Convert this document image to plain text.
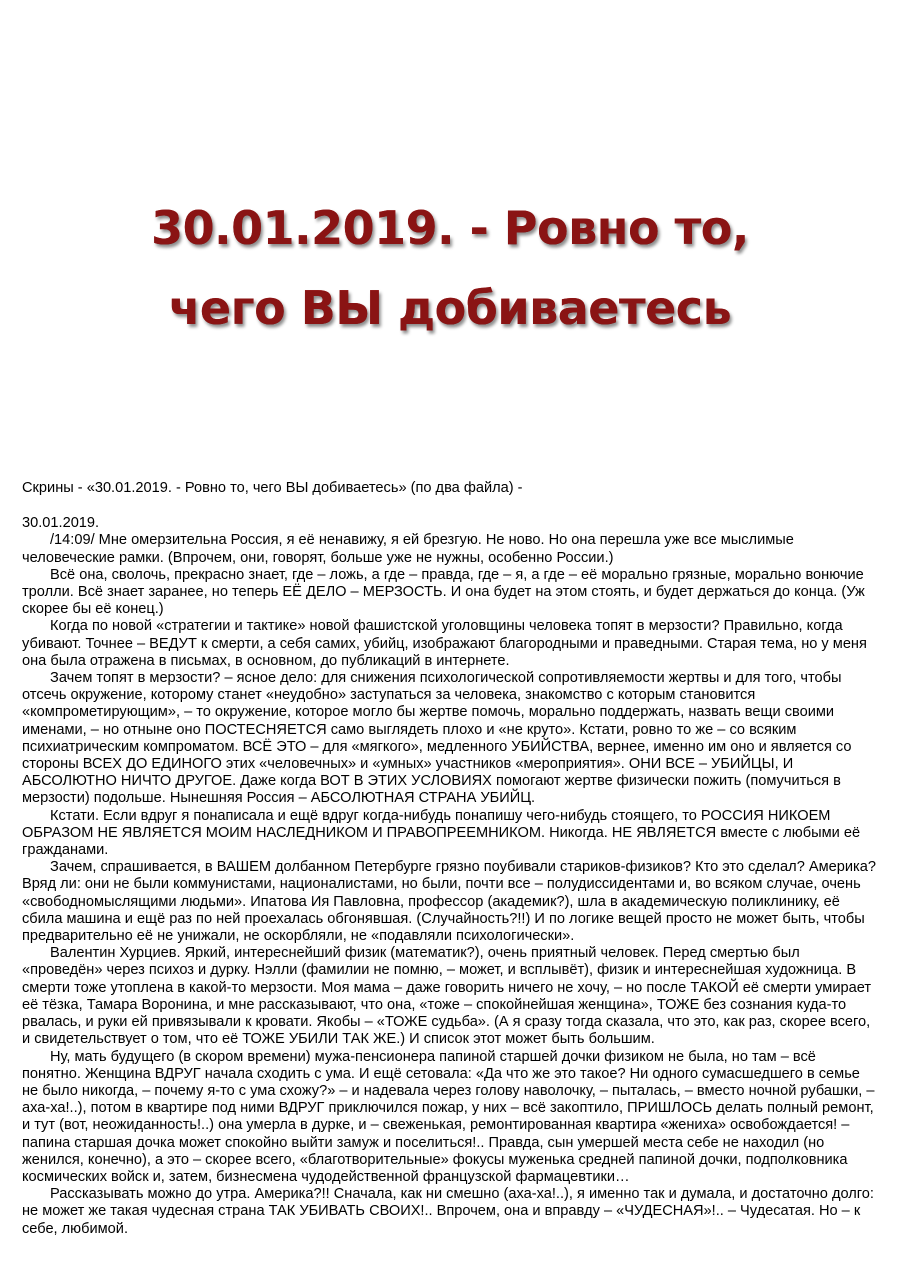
30.01.2019. - Ровно то,
чего ВЫ добиваетесь

Скрины - «30.01.2019. - Ровно то, чего ВЫ добиваетесь» (по два файла) -

30.01.2019.

/14:09/ Мне омерзительна Россия, я её ненавижу, я ей брезгую. Не ново. Но она перешла уже все мыслимые человеческие рамки. (Впрочем, они, говорят, больше уже не нужны, особенно России.)

Всё она, сволочь, прекрасно знает, где – ложь, а где – правда, где – я, а где – её морально грязные, морально вонючие тролли. Всё знает заранее, но теперь ЕЁ ДЕЛО – МЕРЗОСТЬ. И она будет на этом стоять, и будет держаться до конца. (Уж скорее бы её конец.)

Когда по новой «стратегии и тактике» новой фашистской уголовщины человека топят в мерзости? Правильно, когда убивают. Точнее – ВЕДУТ к смерти, а себя самих, убийц, изображают благородными и праведными. Старая тема, но у меня она была отражена в письмах, в основном, до публикаций в интернете.

Зачем топят в мерзости? – ясное дело: для снижения психологической сопротивляемости жертвы и для того, чтобы отсечь окружение, которому станет «неудобно» заступаться за человека, знакомство с которым становится «компрометирующим», – то окружение, которое могло бы жертве помочь, морально поддержать, назвать вещи своими именами, – но отныне оно ПОСТЕСНЯЕТСЯ само выглядеть плохо и «не круто». Кстати, ровно то же – со всяким психиатрическим компроматом. ВСЁ ЭТО – для «мягкого», медленного УБИЙСТВА, вернее, именно им оно и является со стороны ВСЕХ ДО ЕДИНОГО этих «человечных» и «умных» участников «мероприятия». ОНИ ВСЕ – УБИЙЦЫ, И АБСОЛЮТНО НИЧТО ДРУГОЕ. Даже когда ВОТ В ЭТИХ УСЛОВИЯХ помогают жертве физически пожить (помучиться в мерзости) подольше. Нынешняя Россия – АБСОЛЮТНАЯ СТРАНА УБИЙЦ.

Кстати. Если вдруг я понаписала и ещё вдруг когда-нибудь понапишу чего-нибудь стоящего, то РОССИЯ НИКОЕМ ОБРАЗОМ НЕ ЯВЛЯЕТСЯ МОИМ НАСЛЕДНИКОМ И ПРАВОПРЕЕМНИКОМ. Никогда. НЕ ЯВЛЯЕТСЯ вместе с любыми её гражданами.

Зачем, спрашивается, в ВАШЕМ долбанном Петербурге грязно поубивали стариков-физиков? Кто это сделал? Америка? Вряд ли: они не были коммунистами, националистами, но были, почти все – полудиссидентами и, во всяком случае, очень «свободномыслящими людьми». Ипатова Ия Павловна, профессор (академик?), шла в академическую поликлинику, её сбила машина и ещё раз по ней проехалась обгонявшая. (Случайность?!!) И по логике вещей просто не может быть, чтобы предварительно её не унижали, не оскорбляли, не «подавляли психологически».

Валентин Хурциев. Яркий, интереснейший физик (математик?), очень приятный человек. Перед смертью был «проведён» через психоз и дурку. Нэлли (фамилии не помню, – может, и всплывёт), физик и интереснейшая художница. В смерти тоже утоплена в какой-то мерзости. Моя мама – даже говорить ничего не хочу, – но после ТАКОЙ её смерти умирает её тёзка, Тамара Воронина, и мне рассказывают, что она, «тоже – спокойнейшая женщина», ТОЖЕ без сознания куда-то рвалась, и руки ей привязывали к кровати. Якобы – «ТОЖЕ судьба». (А я сразу тогда сказала, что это, как раз, скорее всего, и свидетельствует о том, что её ТОЖЕ УБИЛИ ТАК ЖЕ.) И список этот может быть большим.

Ну, мать будущего (в скором времени) мужа-пенсионера папиной старшей дочки физиком не была, но там – всё понятно. Женщина ВДРУГ начала сходить с ума. И ещё сетовала: «Да что же это такое? Ни одного сумасшедшего в семье не было никогда, – почему я-то с ума схожу?» – и надевала через голову наволочку, – пыталась, – вместо ночной рубашки, – аха-ха!..), потом в квартире под ними ВДРУГ приключился пожар, у них – всё закоптило, ПРИШЛОСЬ делать полный ремонт, и тут (вот, неожиданность!..) она умерла в дурке, и – свеженькая, ремонтированная квартира «жениха» освобождается! – папина старшая дочка может спокойно выйти замуж и поселиться!.. Правда, сын умершей места себе не находил (но женился, конечно), а это – скорее всего, «благотворительные» фокусы муженька средней папиной дочки, подполковника космических войск и, затем, бизнесмена чудодейственной французской фармацевтики…

Рассказывать можно до утра. Америка?!! Сначала, как ни смешно (аха-ха!..), я именно так и думала, и достаточно долго: не может же такая чудесная страна ТАК УБИВАТЬ СВОИХ!.. Впрочем, она и вправду – «ЧУДЕСНАЯ»!.. – Чудесатая. Но – к себе, любимой.
